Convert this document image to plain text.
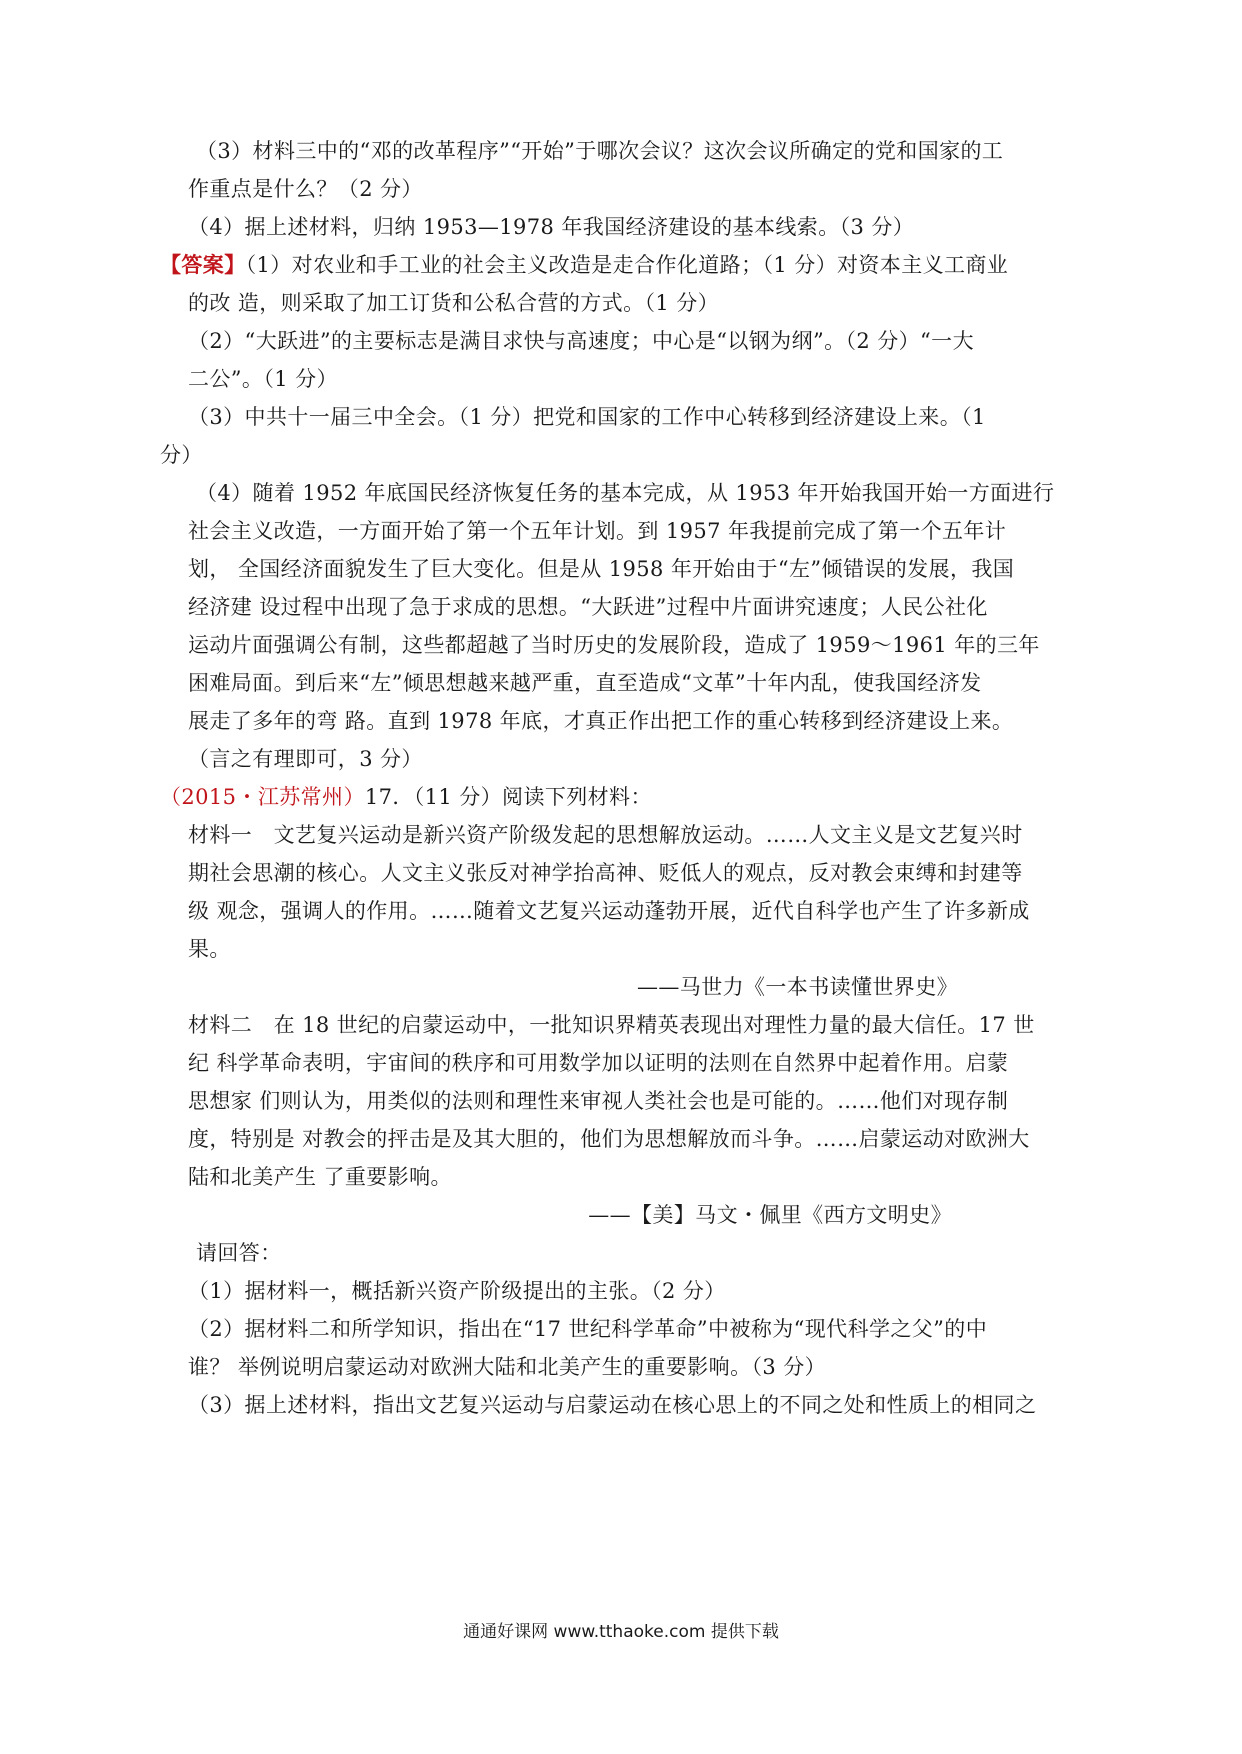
（3）材料三中的“邓的改革程序”“开始”于哪次会议？这次会议所确定的党和国家的工
作重点是什么？（2 分）
（4）据上述材料，归纳 1953—1978 年我国经济建设的基本线索。（3 分）
【答案】（1）对农业和手工业的社会主义改造是走合作化道路；（1 分）对资本主义工商业
的改 造，则采取了加工订货和公私合营的方式。（1 分）
（2）“大跃进”的主要标志是满目求快与高速度；中心是“以钢为纲”。（2 分）“一大
二公”。（1 分）
（3）中共十一届三中全会。（1 分）把党和国家的工作中心转移到经济建设上来。（1
分）
（4）随着 1952 年底国民经济恢复任务的基本完成，从 1953 年开始我国开始一方面进行
社会主义改造，一方面开始了第一个五年计划。到 1957 年我提前完成了第一个五年计
划， 全国经济面貌发生了巨大变化。但是从 1958 年开始由于“左”倾错误的发展，我国
经济建 设过程中出现了急于求成的思想。“大跃进”过程中片面讲究速度；人民公社化
运动片面强调公有制，这些都超越了当时历史的发展阶段，造成了 1959～1961 年的三年
困难局面。到后来“左”倾思想越来越严重，直至造成“文革”十年内乱，使我国经济发
展走了多年的弯 路。直到 1978 年底，才真正作出把工作的重心转移到经济建设上来。
（言之有理即可，3 分）
（2015・江苏常州）17．（11 分）阅读下列材料：
材料一　文艺复兴运动是新兴资产阶级发起的思想解放运动。……人文主义是文艺复兴时
期社会思潮的核心。人文主义张反对神学抬高神、贬低人的观点，反对教会束缚和封建等
级 观念，强调人的作用。……随着文艺复兴运动蓬勃开展，近代自科学也产生了许多新成
果。
——马世力《一本书读懂世界史》
材料二　在 18 世纪的启蒙运动中，一批知识界精英表现出对理性力量的最大信任。17 世
纪 科学革命表明，宇宙间的秩序和可用数学加以证明的法则在自然界中起着作用。启蒙
思想家 们则认为，用类似的法则和理性来审视人类社会也是可能的。……他们对现存制
度，特别是 对教会的抨击是及其大胆的，他们为思想解放而斗争。……启蒙运动对欧洲大
陆和北美产生 了重要影响。
——【美】马文・佩里《西方文明史》
请回答：
（1）据材料一，概括新兴资产阶级提出的主张。（2 分）
（2）据材料二和所学知识，指出在“17 世纪科学革命”中被称为“现代科学之父”的中
谁？ 举例说明启蒙运动对欧洲大陆和北美产生的重要影响。（3 分）
（3）据上述材料，指出文艺复兴运动与启蒙运动在核心思上的不同之处和性质上的相同之
通通好课网 www.tthaoke.com 提供下载
